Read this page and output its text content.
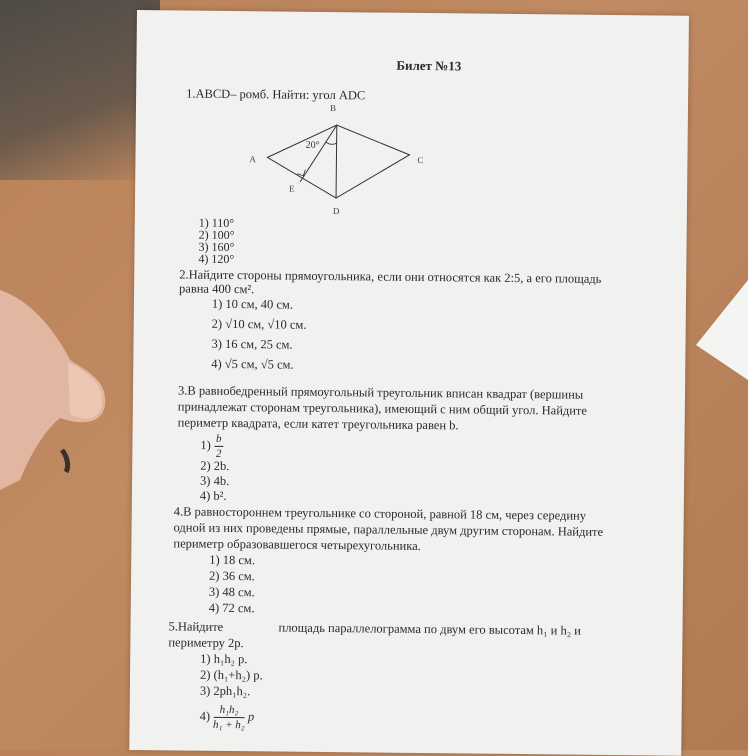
Билет №13
1.ABCD– ромб. Найти: угол ADC
B
A	C
D
E
20°
1) 110°
2) 100°
3) 160°
4) 120°
2.Найдите стороны прямоугольника, если они относятся как 2:5, а его площадь
равна 400 см².
1) 10 см, 40 см.
2) √10 см, √10 см.
3) 16 см, 25 см.
4) √5 см, √5 см.
3.В равнобедренный прямоугольный треугольник вписан квадрат (вершины
принадлежат сторонам треугольника), имеющий с ним общий угол. Найдите
периметр квадрата, если катет треугольника равен b.
$1) \frac{b}{2}$
2) 2b.
3) 4b.
4) b².
4.В равностороннем треугольнике со стороной, равной 18 см, через середину
одной из них проведены прямые, параллельные двум другим сторонам. Найдите
периметр образовавшегося четырехугольника.
1) 18 см.
2) 36 см.
3) 48 см.
4) 72 см.
5.Найдите	площадь параллелограмма по двум его высотам h₁ и h₂ и
периметру 2p.
1) h₁h₂ p.
2) (h₁+h₂) p.
3) 2ph₁h₂.
$4) \frac{\text{h₁h₂}}{\text{h₁ + h₂}}$ p
